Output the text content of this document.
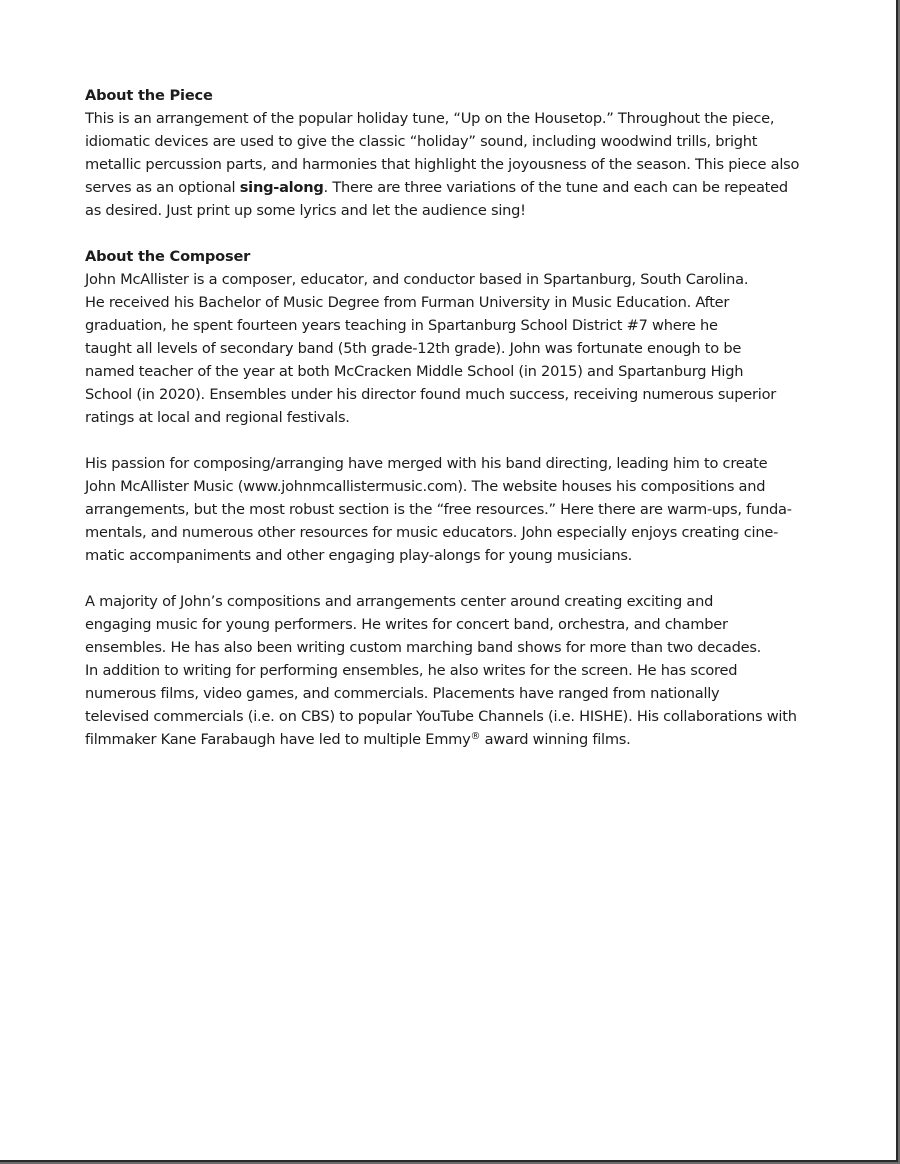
About the Piece

This is an arrangement of the popular holiday tune, “Up on the Housetop.” Throughout the piece,
idiomatic devices are used to give the classic “holiday” sound, including woodwind trills, bright
metallic percussion parts, and harmonies that highlight the joyousness of the season. This piece also
serves as an optional sing-along. There are three variations of the tune and each can be repeated
as desired. Just print up some lyrics and let the audience sing!

About the Composer

John McAllister is a composer, educator, and conductor based in Spartanburg, South Carolina.
He received his Bachelor of Music Degree from Furman University in Music Education. After
graduation, he spent fourteen years teaching in Spartanburg School District #7 where he
taught all levels of secondary band (5th grade-12th grade). John was fortunate enough to be
named teacher of the year at both McCracken Middle School (in 2015) and Spartanburg High
School (in 2020). Ensembles under his director found much success, receiving numerous superior
ratings at local and regional festivals.

His passion for composing/arranging have merged with his band directing, leading him to create
John McAllister Music (www.johnmcallistermusic.com). The website houses his compositions and
arrangements, but the most robust section is the “free resources.” Here there are warm-ups, funda-
mentals, and numerous other resources for music educators. John especially enjoys creating cine-
matic accompaniments and other engaging play-alongs for young musicians.

A majority of John’s compositions and arrangements center around creating exciting and
engaging music for young performers. He writes for concert band, orchestra, and chamber
ensembles. He has also been writing custom marching band shows for more than two decades.
In addition to writing for performing ensembles, he also writes for the screen. He has scored
numerous films, video games, and commercials. Placements have ranged from nationally
televised commercials (i.e. on CBS) to popular YouTube Channels (i.e. HISHE). His collaborations with
filmmaker Kane Farabaugh have led to multiple Emmy® award winning films.
